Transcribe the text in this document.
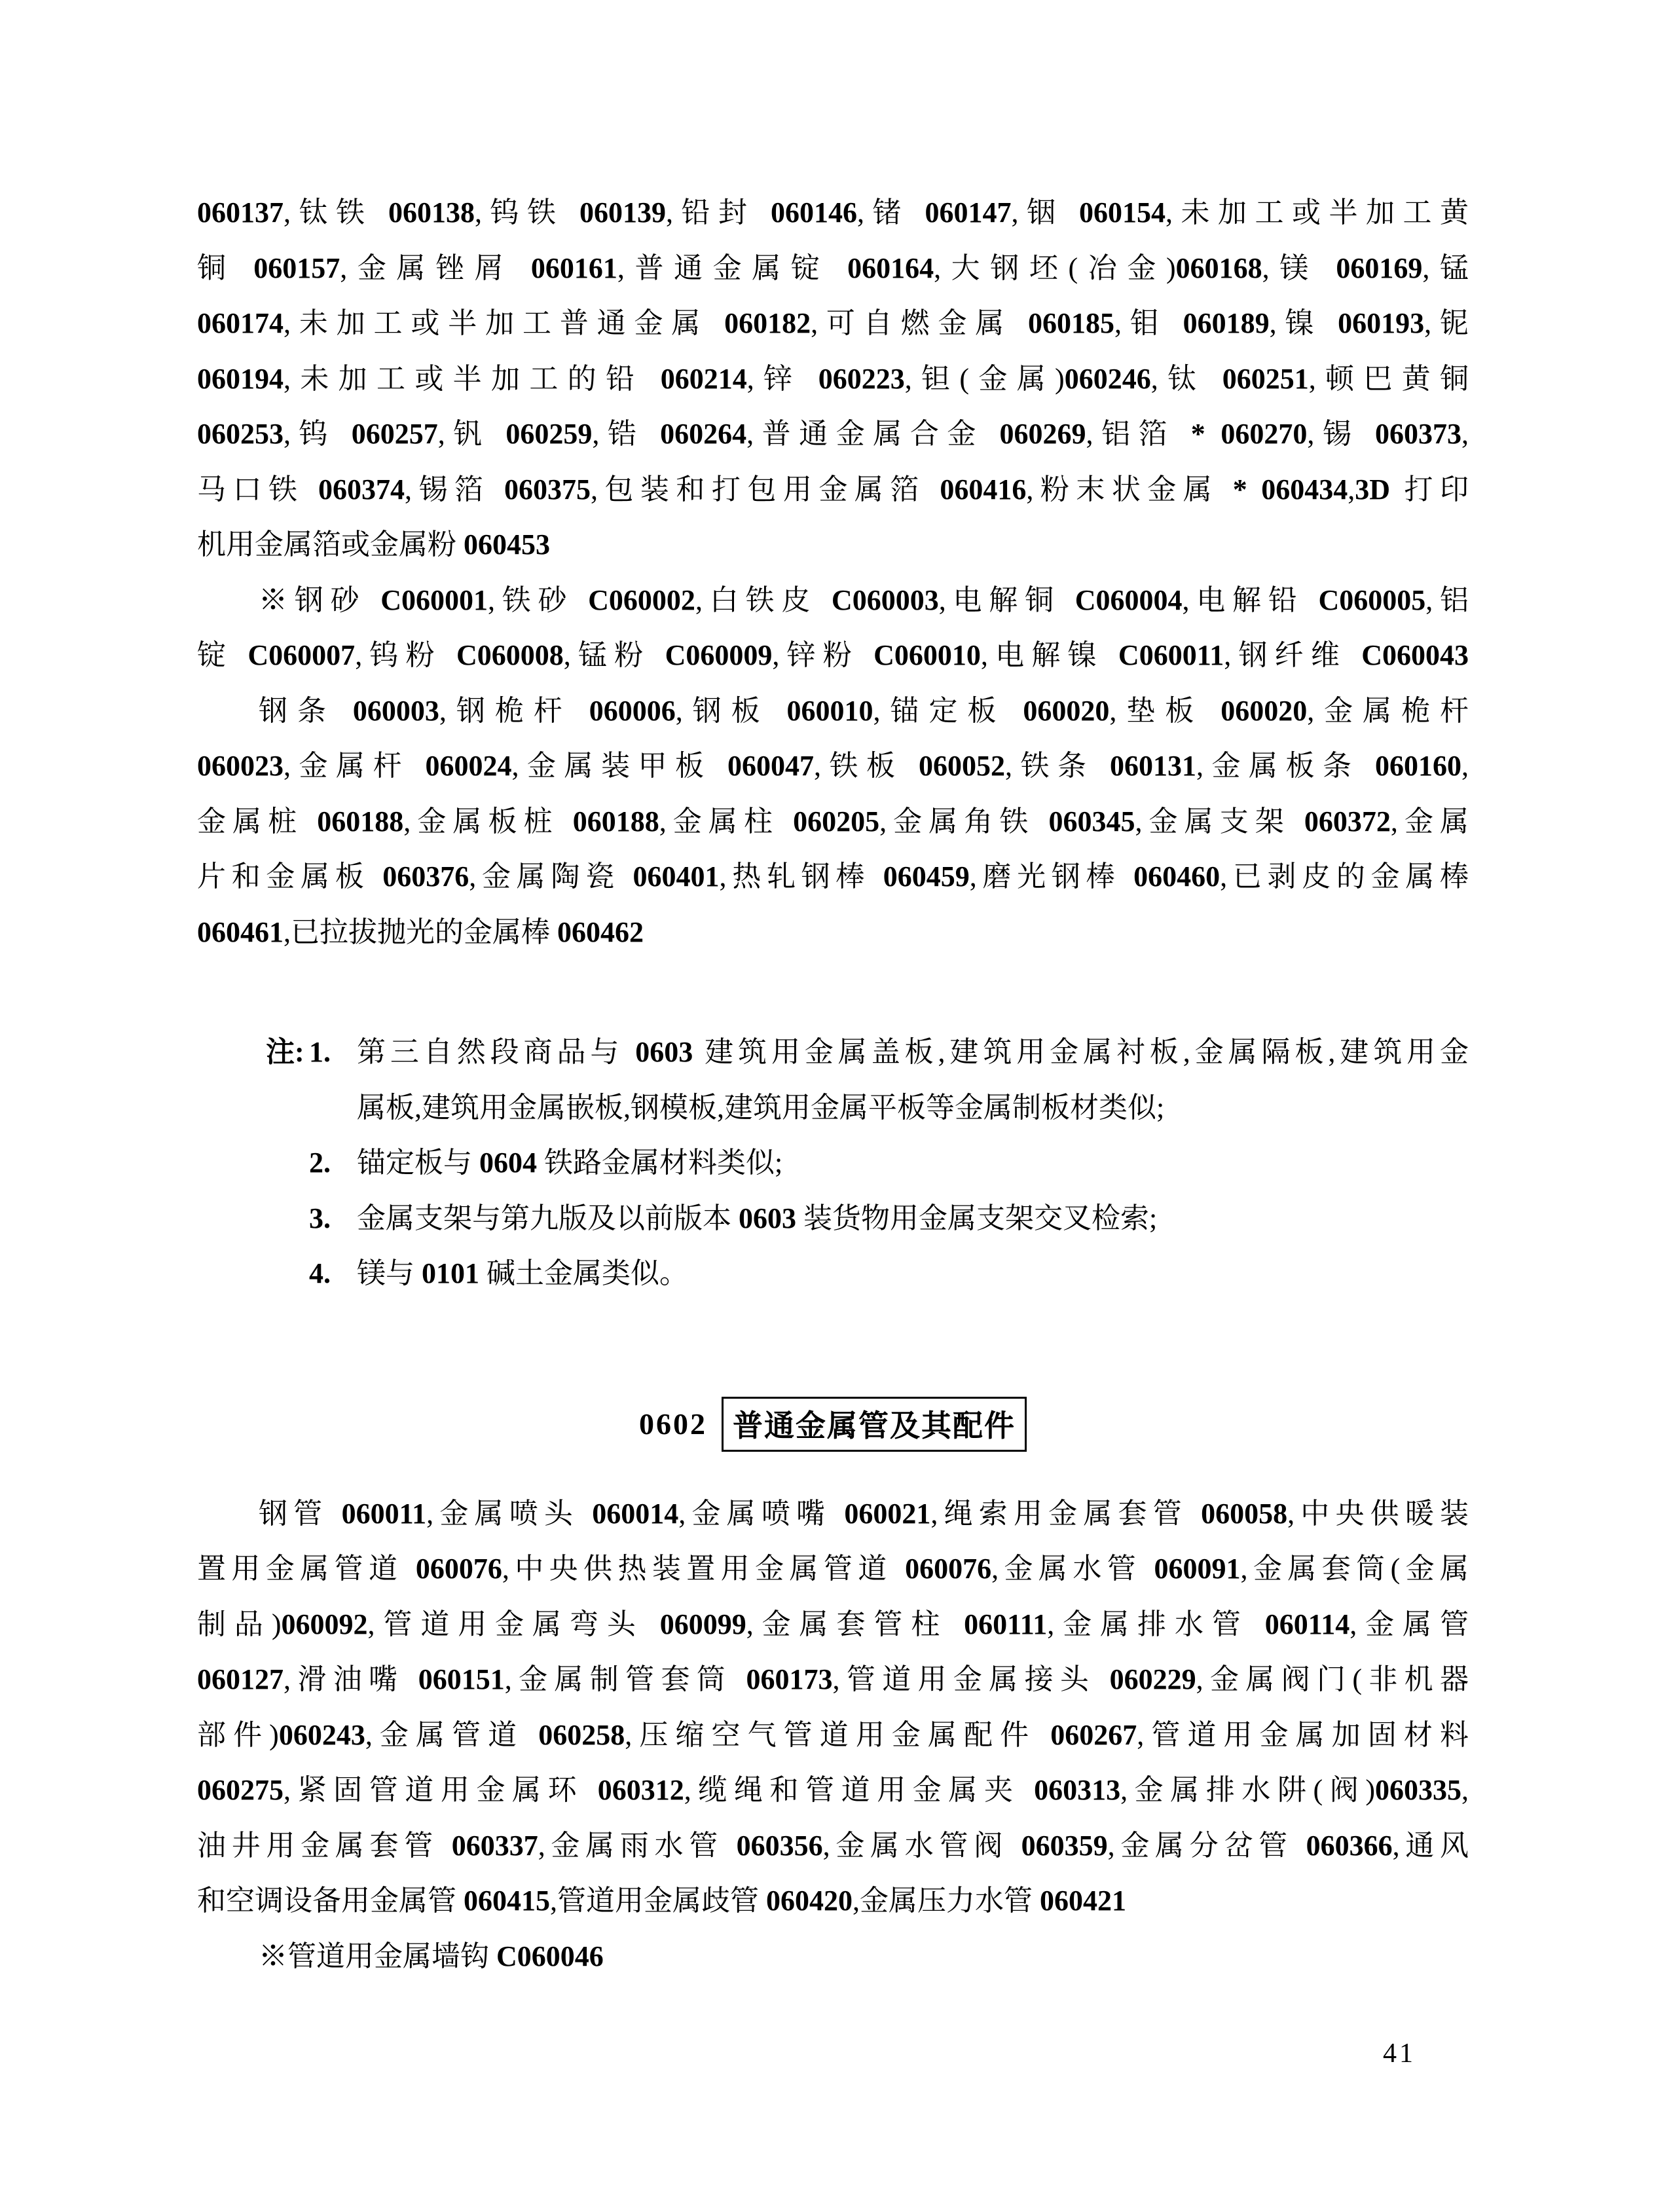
060137,钛铁 060138,钨铁 060139,铅封 060146,锗 060147,铟 060154,未加工或半加工黄
铜 060157,金属锉屑 060161,普通金属锭 060164,大钢坯(冶金)060168,镁 060169,锰
060174,未加工或半加工普通金属 060182,可自燃金属 060185,钼 060189,镍 060193,铌
060194,未加工或半加工的铅 060214,锌 060223,钽(金属)060246,钛 060251,顿巴黄铜
060253,钨 060257,钒 060259,锆 060264,普通金属合金 060269,铝箔 * 060270,锡 060373,
马口铁 060374,锡箔 060375,包装和打包用金属箔 060416,粉末状金属 * 060434,3D 打印
机用金属箔或金属粉 060453
※钢砂 C060001,铁砂 C060002,白铁皮 C060003,电解铜 C060004,电解铅 C060005,铝
锭 C060007,钨粉 C060008,锰粉 C060009,锌粉 C060010,电解镍 C060011,钢纤维 C060043
钢条 060003,钢桅杆 060006,钢板 060010,锚定板 060020,垫板 060020,金属桅杆
060023,金属杆 060024,金属装甲板 060047,铁板 060052,铁条 060131,金属板条 060160,
金属桩 060188,金属板桩 060188,金属柱 060205,金属角铁 060345,金属支架 060372,金属
片和金属板 060376,金属陶瓷 060401,热轧钢棒 060459,磨光钢棒 060460,已剥皮的金属棒
060461,已拉拔抛光的金属棒 060462
注: 1. 第三自然段商品与 0603 建筑用金属盖板,建筑用金属衬板,金属隔板,建筑用金
属板,建筑用金属嵌板,钢模板,建筑用金属平板等金属制板材类似;
2. 锚定板与 0604 铁路金属材料类似;
3. 金属支架与第九版及以前版本 0603 装货物用金属支架交叉检索;
4. 镁与 0101 碱土金属类似。
0602 普通金属管及其配件
钢管 060011,金属喷头 060014,金属喷嘴 060021,绳索用金属套管 060058,中央供暖装
置用金属管道 060076,中央供热装置用金属管道 060076,金属水管 060091,金属套筒(金属
制品)060092,管道用金属弯头 060099,金属套管柱 060111,金属排水管 060114,金属管
060127,滑油嘴 060151,金属制管套筒 060173,管道用金属接头 060229,金属阀门(非机器
部件)060243,金属管道 060258,压缩空气管道用金属配件 060267,管道用金属加固材料
060275,紧固管道用金属环 060312,缆绳和管道用金属夹 060313,金属排水阱(阀)060335,
油井用金属套管 060337,金属雨水管 060356,金属水管阀 060359,金属分岔管 060366,通风
和空调设备用金属管 060415,管道用金属歧管 060420,金属压力水管 060421
※管道用金属墙钩 C060046
41
